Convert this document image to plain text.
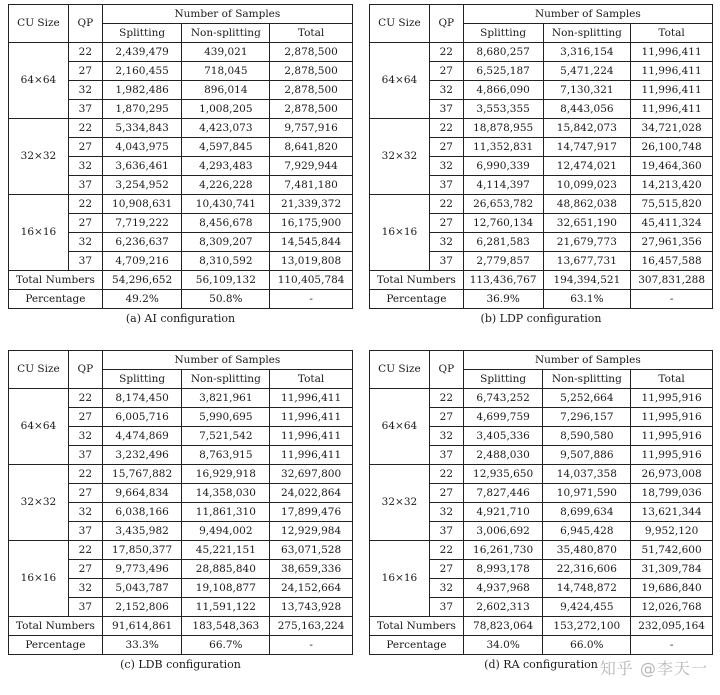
CU Size	QP	Number of Samples		
		Splitting	Non-splitting	Total
64×64	22	2,439,479	439,021	2,878,500
	27	2,160,455	718,045	2,878,500
	32	1,982,486	896,014	2,878,500
	37	1,870,295	1,008,205	2,878,500
32×32	22	5,334,843	4,423,073	9,757,916
	27	4,043,975	4,597,845	8,641,820
	32	3,636,461	4,293,483	7,929,944
	37	3,254,952	4,226,228	7,481,180
16×16	22	10,908,631	10,430,741	21,339,372
	27	7,719,222	8,456,678	16,175,900
	32	6,236,637	8,309,207	14,545,844
	37	4,709,216	8,310,592	13,019,808
Total Numbers		54,296,652	56,109,132	110,405,784
Percentage		49.2%	50.8%	-
(a) AI configuration
CU Size	QP	Number of Samples		
		Splitting	Non-splitting	Total
64×64	22	8,680,257	3,316,154	11,996,411
	27	6,525,187	5,471,224	11,996,411
	32	4,866,090	7,130,321	11,996,411
	37	3,553,355	8,443,056	11,996,411
32×32	22	18,878,955	15,842,073	34,721,028
	27	11,352,831	14,747,917	26,100,748
	32	6,990,339	12,474,021	19,464,360
	37	4,114,397	10,099,023	14,213,420
16×16	22	26,653,782	48,862,038	75,515,820
	27	12,760,134	32,651,190	45,411,324
	32	6,281,583	21,679,773	27,961,356
	37	2,779,857	13,677,731	16,457,588
Total Numbers		113,436,767	194,394,521	307,831,288
Percentage		36.9%	63.1%	-
(b) LDP configuration
CU Size	QP	Number of Samples		
		Splitting	Non-splitting	Total
64×64	22	8,174,450	3,821,961	11,996,411
	27	6,005,716	5,990,695	11,996,411
	32	4,474,869	7,521,542	11,996,411
	37	3,232,496	8,763,915	11,996,411
32×32	22	15,767,882	16,929,918	32,697,800
	27	9,664,834	14,358,030	24,022,864
	32	6,038,166	11,861,310	17,899,476
	37	3,435,982	9,494,002	12,929,984
16×16	22	17,850,377	45,221,151	63,071,528
	27	9,773,496	28,885,840	38,659,336
	32	5,043,787	19,108,877	24,152,664
	37	2,152,806	11,591,122	13,743,928
Total Numbers		91,614,861	183,548,363	275,163,224
Percentage		33.3%	66.7%	-
(c) LDB configuration
CU Size	QP	Number of Samples		
		Splitting	Non-splitting	Total
64×64	22	6,743,252	5,252,664	11,995,916
	27	4,699,759	7,296,157	11,995,916
	32	3,405,336	8,590,580	11,995,916
	37	2,488,030	9,507,886	11,995,916
32×32	22	12,935,650	14,037,358	26,973,008
	27	7,827,446	10,971,590	18,799,036
	32	4,921,710	8,699,634	13,621,344
	37	3,006,692	6,945,428	9,952,120
16×16	22	16,261,730	35,480,870	51,742,600
	27	8,993,178	22,316,606	31,309,784
	32	4,937,968	14,748,872	19,686,840
	37	2,602,313	9,424,455	12,026,768
Total Numbers		78,823,064	153,272,100	232,095,164
Percentage		34.0%	66.0%	-
(d) RA configuration 知乎 @李天一
